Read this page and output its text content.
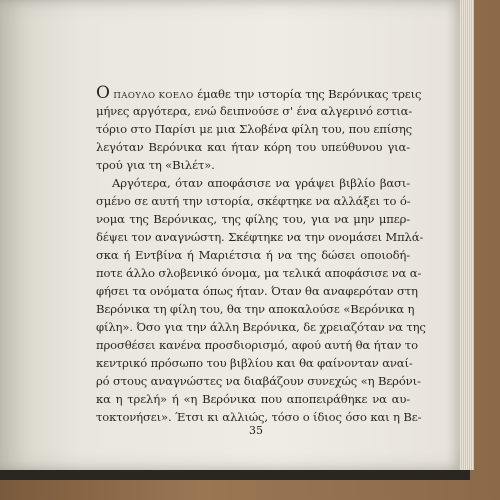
Ο ΠΑΟΥΛΟ ΚΟΕΛΟ έμαθε την ιστορία της Βερόνικας τρεις
μήνες αργότερα, ενώ δειπνούσε σ' ένα αλγερινό εστια-
τόριο στο Παρίσι με μια Σλοβένα φίλη του, που επίσης
λεγόταν Βερόνικα και ήταν κόρη του υπεύθυνου για-
τρού για τη «Βιλέτ».
Αργότερα, όταν αποφάσισε να γράψει βιβλίο βασι-
σμένο σε αυτή την ιστορία, σκέφτηκε να αλλάξει το ό-
νομα της Βερόνικας, της φίλης του, για να μην μπερ-
δέψει τον αναγνώστη. Σκέφτηκε να την ονομάσει Μπλά-
σκα ή Εντβίνα ή Μαριέτσια ή να της δώσει οποιοδή-
ποτε άλλο σλοβενικό όνομα, μα τελικά αποφάσισε να α-
φήσει τα ονόματα όπως ήταν. Όταν θα αναφερόταν στη
Βερόνικα τη φίλη του, θα την αποκαλούσε «Βερόνικα η
φίλη». Όσο για την άλλη Βερόνικα, δε χρειαζόταν να της
προσθέσει κανένα προσδιορισμό, αφού αυτή θα ήταν το
κεντρικό πρόσωπο του βιβλίου και θα φαίνονταν αναί-
ρό στους αναγνώστες να διαβάζουν συνεχώς «η Βερόνι-
κα η τρελή» ή «η Βερόνικα που αποπειράθηκε να αυ-
τοκτονήσει». Έτσι κι αλλιώς, τόσο ο ίδιος όσο και η Βε-
35
